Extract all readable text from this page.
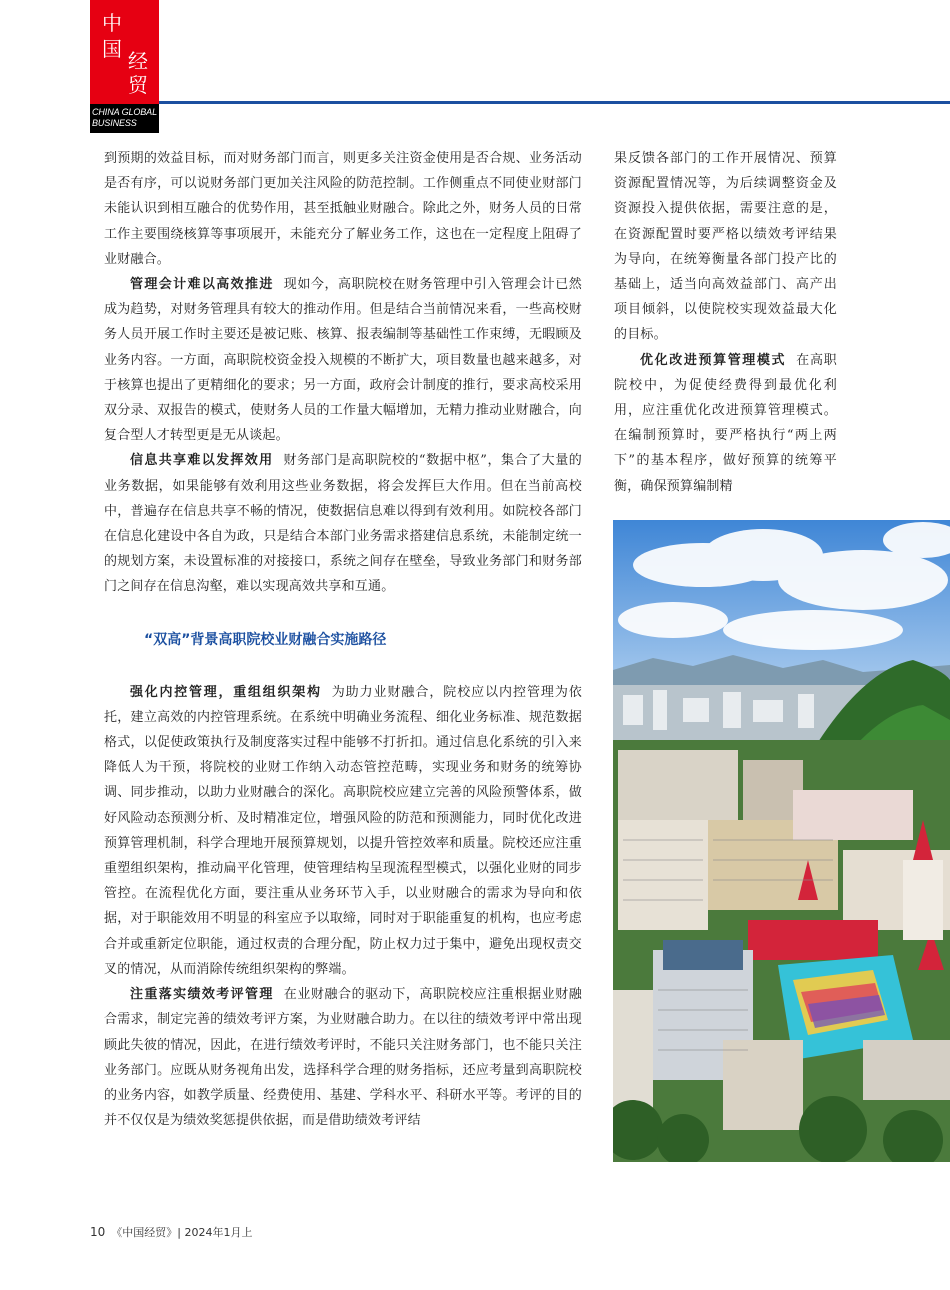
中
国 经
贸
CHINA GLOBAL
BUSINESS

到预期的效益目标，而对财务部门而言，则更多关注资金使用是否合规、业务活动是否有序，可以说财务部门更加关注风险的防范控制。工作侧重点不同使业财部门未能认识到相互融合的优势作用，甚至抵触业财融合。除此之外，财务人员的日常工作主要围绕核算等事项展开，未能充分了解业务工作，这也在一定程度上阻碍了业财融合。

管理会计难以高效推进 现如今，高职院校在财务管理中引入管理会计已然成为趋势，对财务管理具有较大的推动作用。但是结合当前情况来看，一些高校财务人员开展工作时主要还是被记账、核算、报表编制等基础性工作束缚，无暇顾及业务内容。一方面，高职院校资金投入规模的不断扩大，项目数量也越来越多，对于核算也提出了更精细化的要求；另一方面，政府会计制度的推行，要求高校采用双分录、双报告的模式，使财务人员的工作量大幅增加，无精力推动业财融合，向复合型人才转型更是无从谈起。

信息共享难以发挥效用 财务部门是高职院校的“数据中枢”，集合了大量的业务数据，如果能够有效利用这些业务数据，将会发挥巨大作用。但在当前高校中，普遍存在信息共享不畅的情况，使数据信息难以得到有效利用。如院校各部门在信息化建设中各自为政，只是结合本部门业务需求搭建信息系统，未能制定统一的规划方案，未设置标准的对接接口，系统之间存在壁垒，导致业务部门和财务部门之间存在信息沟壑，难以实现高效共享和互通。

“双高”背景高职院校业财融合实施路径

强化内控管理，重组组织架构 为助力业财融合，院校应以内控管理为依托，建立高效的内控管理系统。在系统中明确业务流程、细化业务标准、规范数据格式，以促使政策执行及制度落实过程中能够不打折扣。通过信息化系统的引入来降低人为干预，将院校的业财工作纳入动态管控范畴，实现业务和财务的统筹协调、同步推动，以助力业财融合的深化。高职院校应建立完善的风险预警体系，做好风险动态预测分析、及时精准定位，增强风险的防范和预测能力，同时优化改进预算管理机制，科学合理地开展预算规划，以提升管控效率和质量。院校还应注重重塑组织架构，推动扁平化管理，使管理结构呈现流程型模式，以强化业财的同步管控。在流程优化方面，要注重从业务环节入手，以业财融合的需求为导向和依据，对于职能效用不明显的科室应予以取缔，同时对于职能重复的机构，也应考虑合并或重新定位职能，通过权责的合理分配，防止权力过于集中，避免出现权责交叉的情况，从而消除传统组织架构的弊端。

注重落实绩效考评管理 在业财融合的驱动下，高职院校应注重根据业财融合需求，制定完善的绩效考评方案，为业财融合助力。在以往的绩效考评中常出现顾此失彼的情况，因此，在进行绩效考评时，不能只关注财务部门，也不能只关注业务部门。应既从财务视角出发，选择科学合理的财务指标，还应考量到高职院校的业务内容，如教学质量、经费使用、基建、学科水平、科研水平等。考评的目的并不仅仅是为绩效奖惩提供依据，而是借助绩效考评结

果反馈各部门的工作开展情况、预算资源配置情况等，为后续调整资金及资源投入提供依据，需要注意的是，在资源配置时要严格以绩效考评结果为导向，在统筹衡量各部门投产比的基础上，适当向高效益部门、高产出项目倾斜，以使院校实现效益最大化的目标。

优化改进预算管理模式 在高职院校中，为促使经费得到最优化利用，应注重优化改进预算管理模式。在编制预算时，要严格执行“两上两下”的基本程序，做好预算的统筹平衡，确保预算编制精

10 《中国经贸》| 2024年1月上
